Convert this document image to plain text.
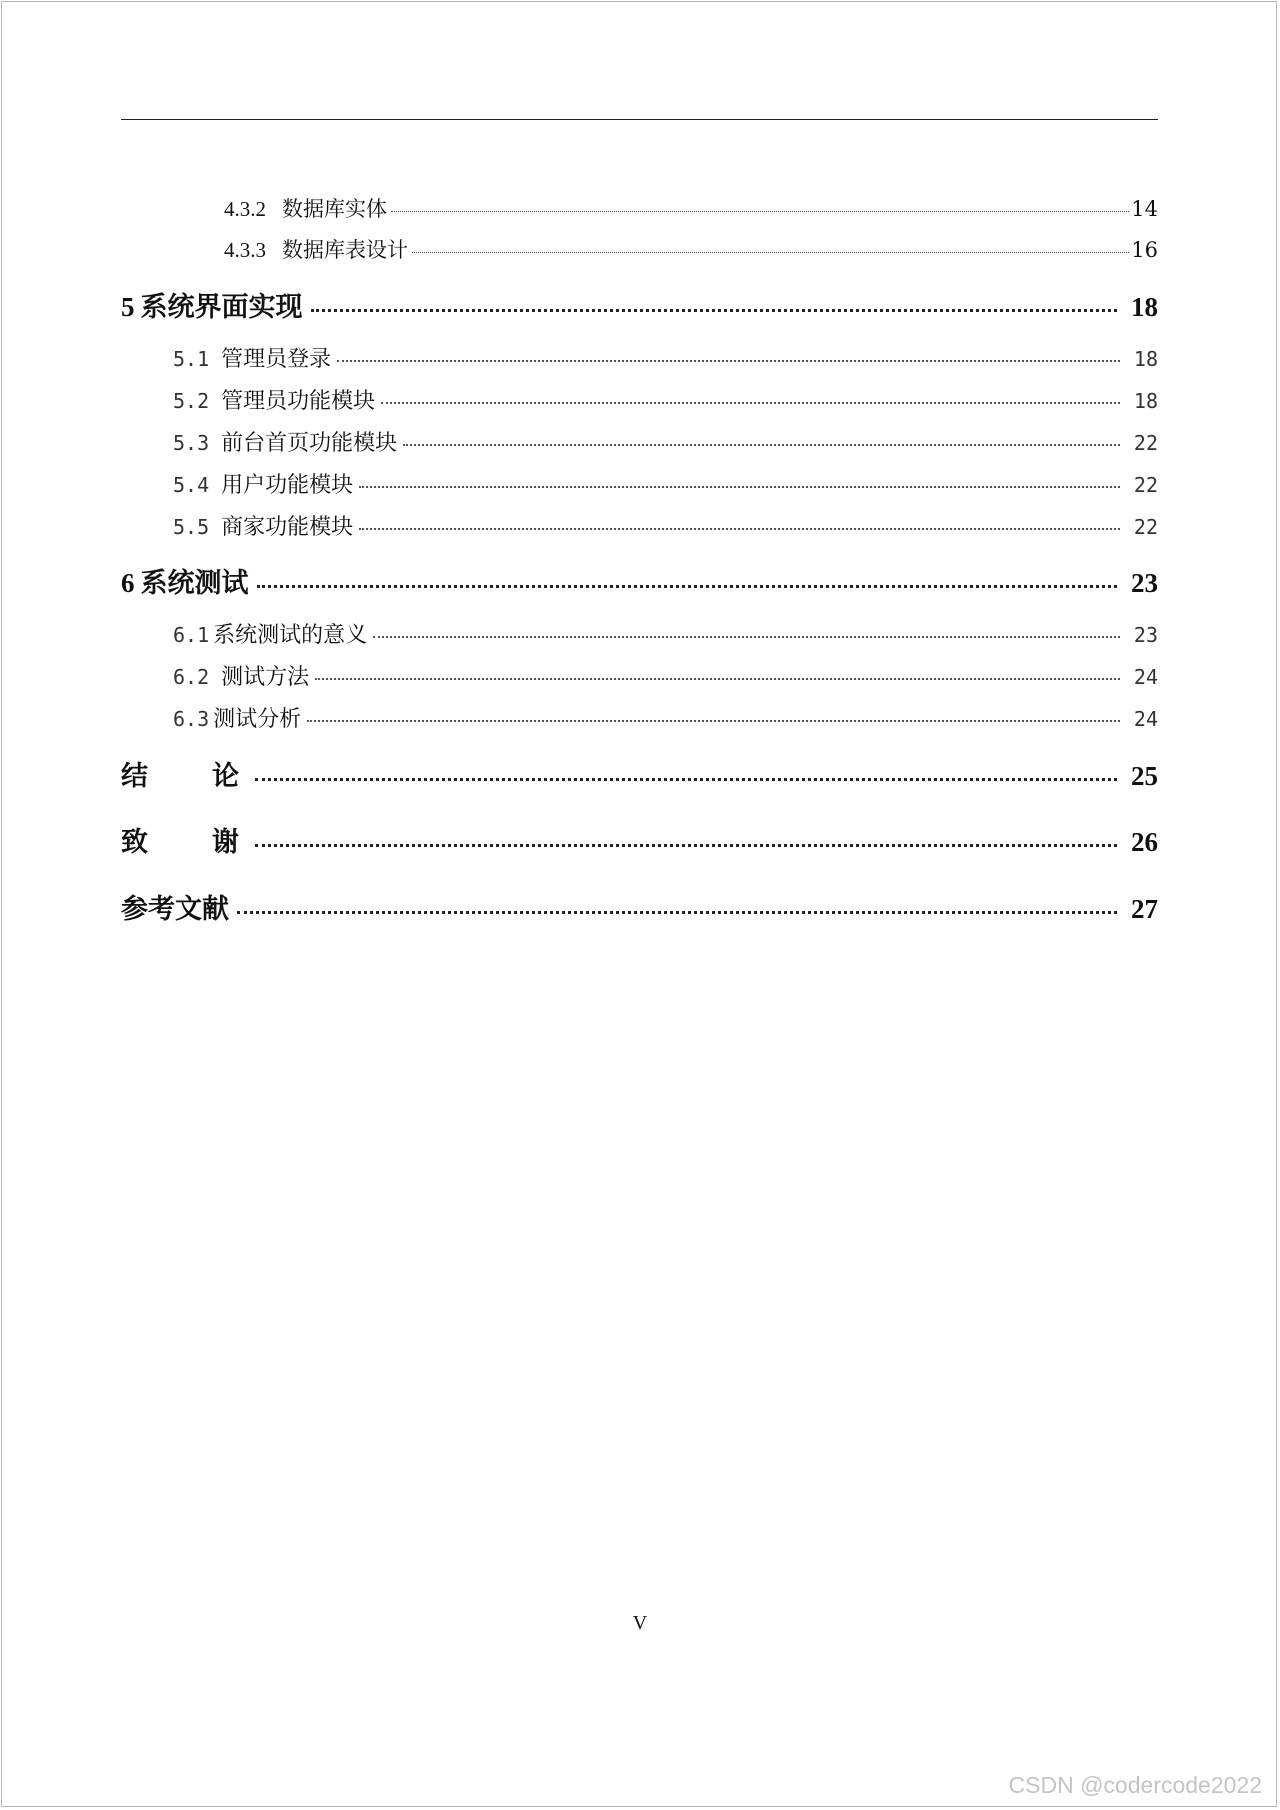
4.3.2 数据库实体	14
4.3.3 数据库表设计	16
5 系统界面实现	18
5.1 管理员登录	18
5.2 管理员功能模块	18
5.3 前台首页功能模块	22
5.4 用户功能模块	22
5.5 商家功能模块	22
6 系统测试	23
6.1 系统测试的意义	23
6.2 测试方法	24
6.3 测试分析	24
结论	25
致谢	26
参考文献	27
V
CSDN @codercode2022
